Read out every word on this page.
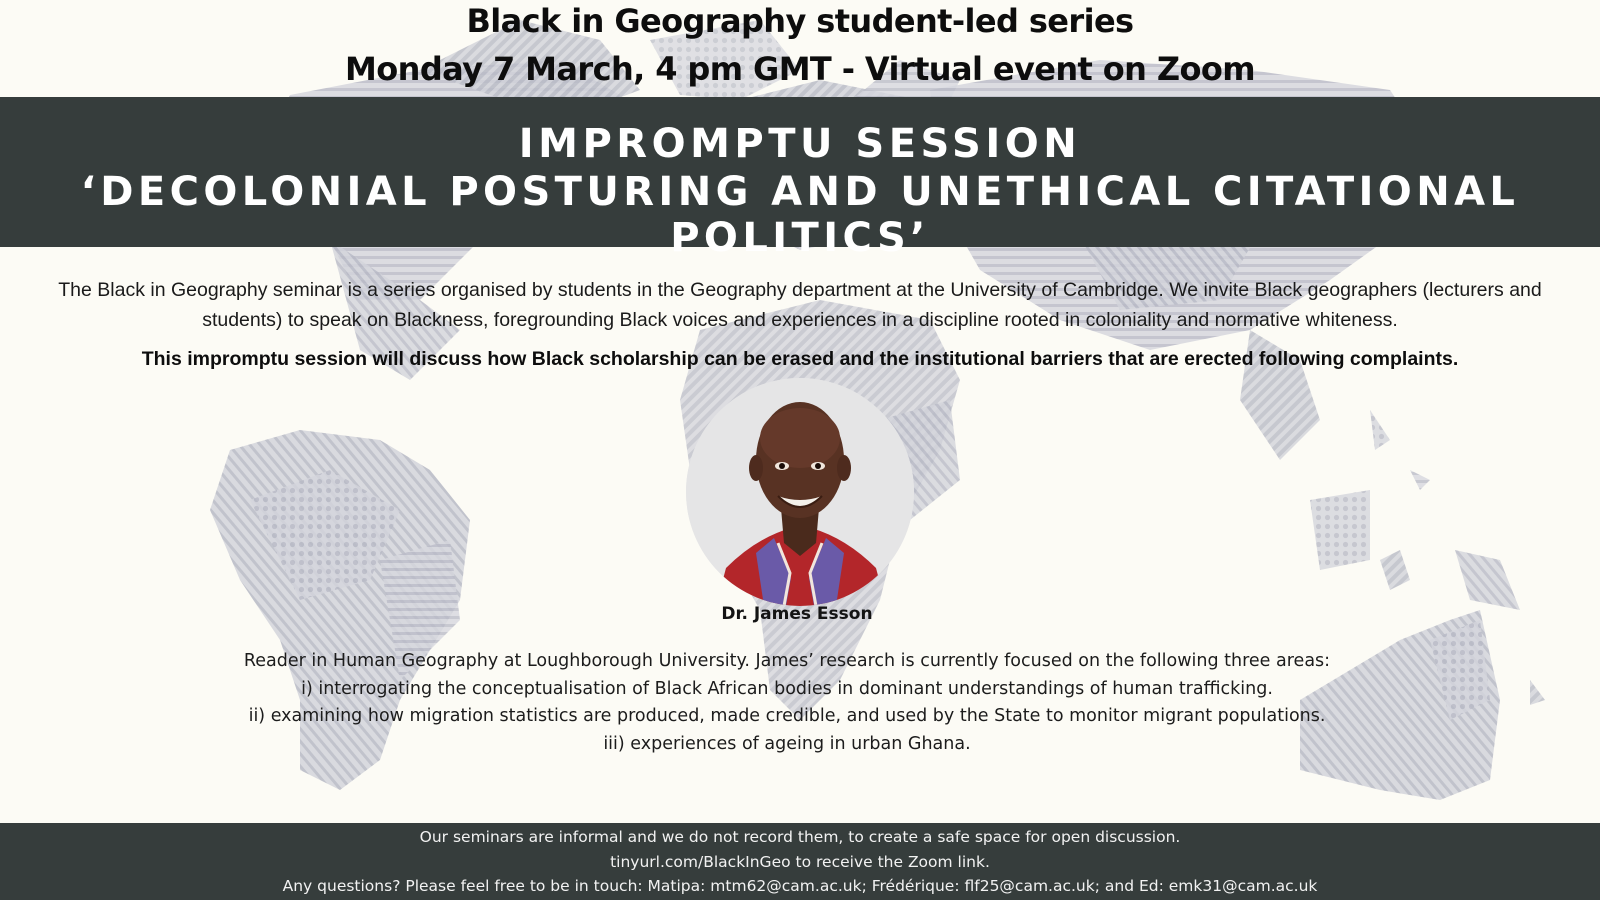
Black in Geography student-led series
Monday 7 March, 4 pm GMT - Virtual event on Zoom
IMPROMPTU SESSION
‘DECOLONIAL POSTURING AND UNETHICAL CITATIONAL POLITICS’
The Black in Geography seminar is a series organised by students in the Geography department at the University of Cambridge. We invite Black geographers (lecturers and
students) to speak on Blackness, foregrounding Black voices and experiences in a discipline rooted in coloniality and normative whiteness.
This impromptu session will discuss how Black scholarship can be erased and the institutional barriers that are erected following complaints.
Dr. James Esson
Reader in Human Geography at Loughborough University. James’ research is currently focused on the following three areas:
i) interrogating the conceptualisation of Black African bodies in dominant understandings of human trafficking.
ii) examining how migration statistics are produced, made credible, and used by the State to monitor migrant populations.
iii) experiences of ageing in urban Ghana.
Our seminars are informal and we do not record them, to create a safe space for open discussion.
tinyurl.com/BlackInGeo to receive the Zoom link.
Any questions? Please feel free to be in touch: Matipa: mtm62@cam.ac.uk; Frédérique: flf25@cam.ac.uk; and Ed: emk31@cam.ac.uk
